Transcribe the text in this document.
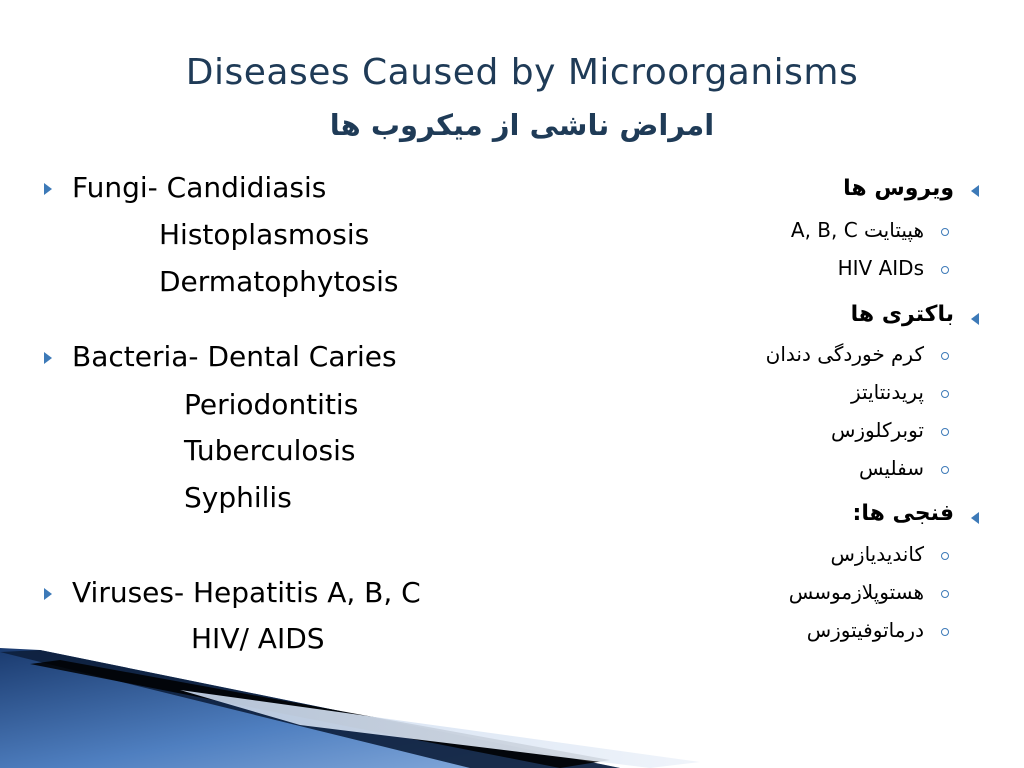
Diseases Caused by Microorganisms
امراض ناشی از میکروب ها
Fungi- Candidiasis
Histoplasmosis
Dermatophytosis
Bacteria- Dental Caries
Periodontitis
Tuberculosis
Syphilis
Viruses- Hepatitis A, B, C
HIV/ AIDS
ویروس ها
هپیتایت A, B, C
HIV AIDs
باکتری ها
کرم خوردگی دندان
پریدنتایتز
توبرکلوزس
سفلیس
فنجی ها:
کاندیدیازس
هستوپلازموسس
درماتوفیتوزس
